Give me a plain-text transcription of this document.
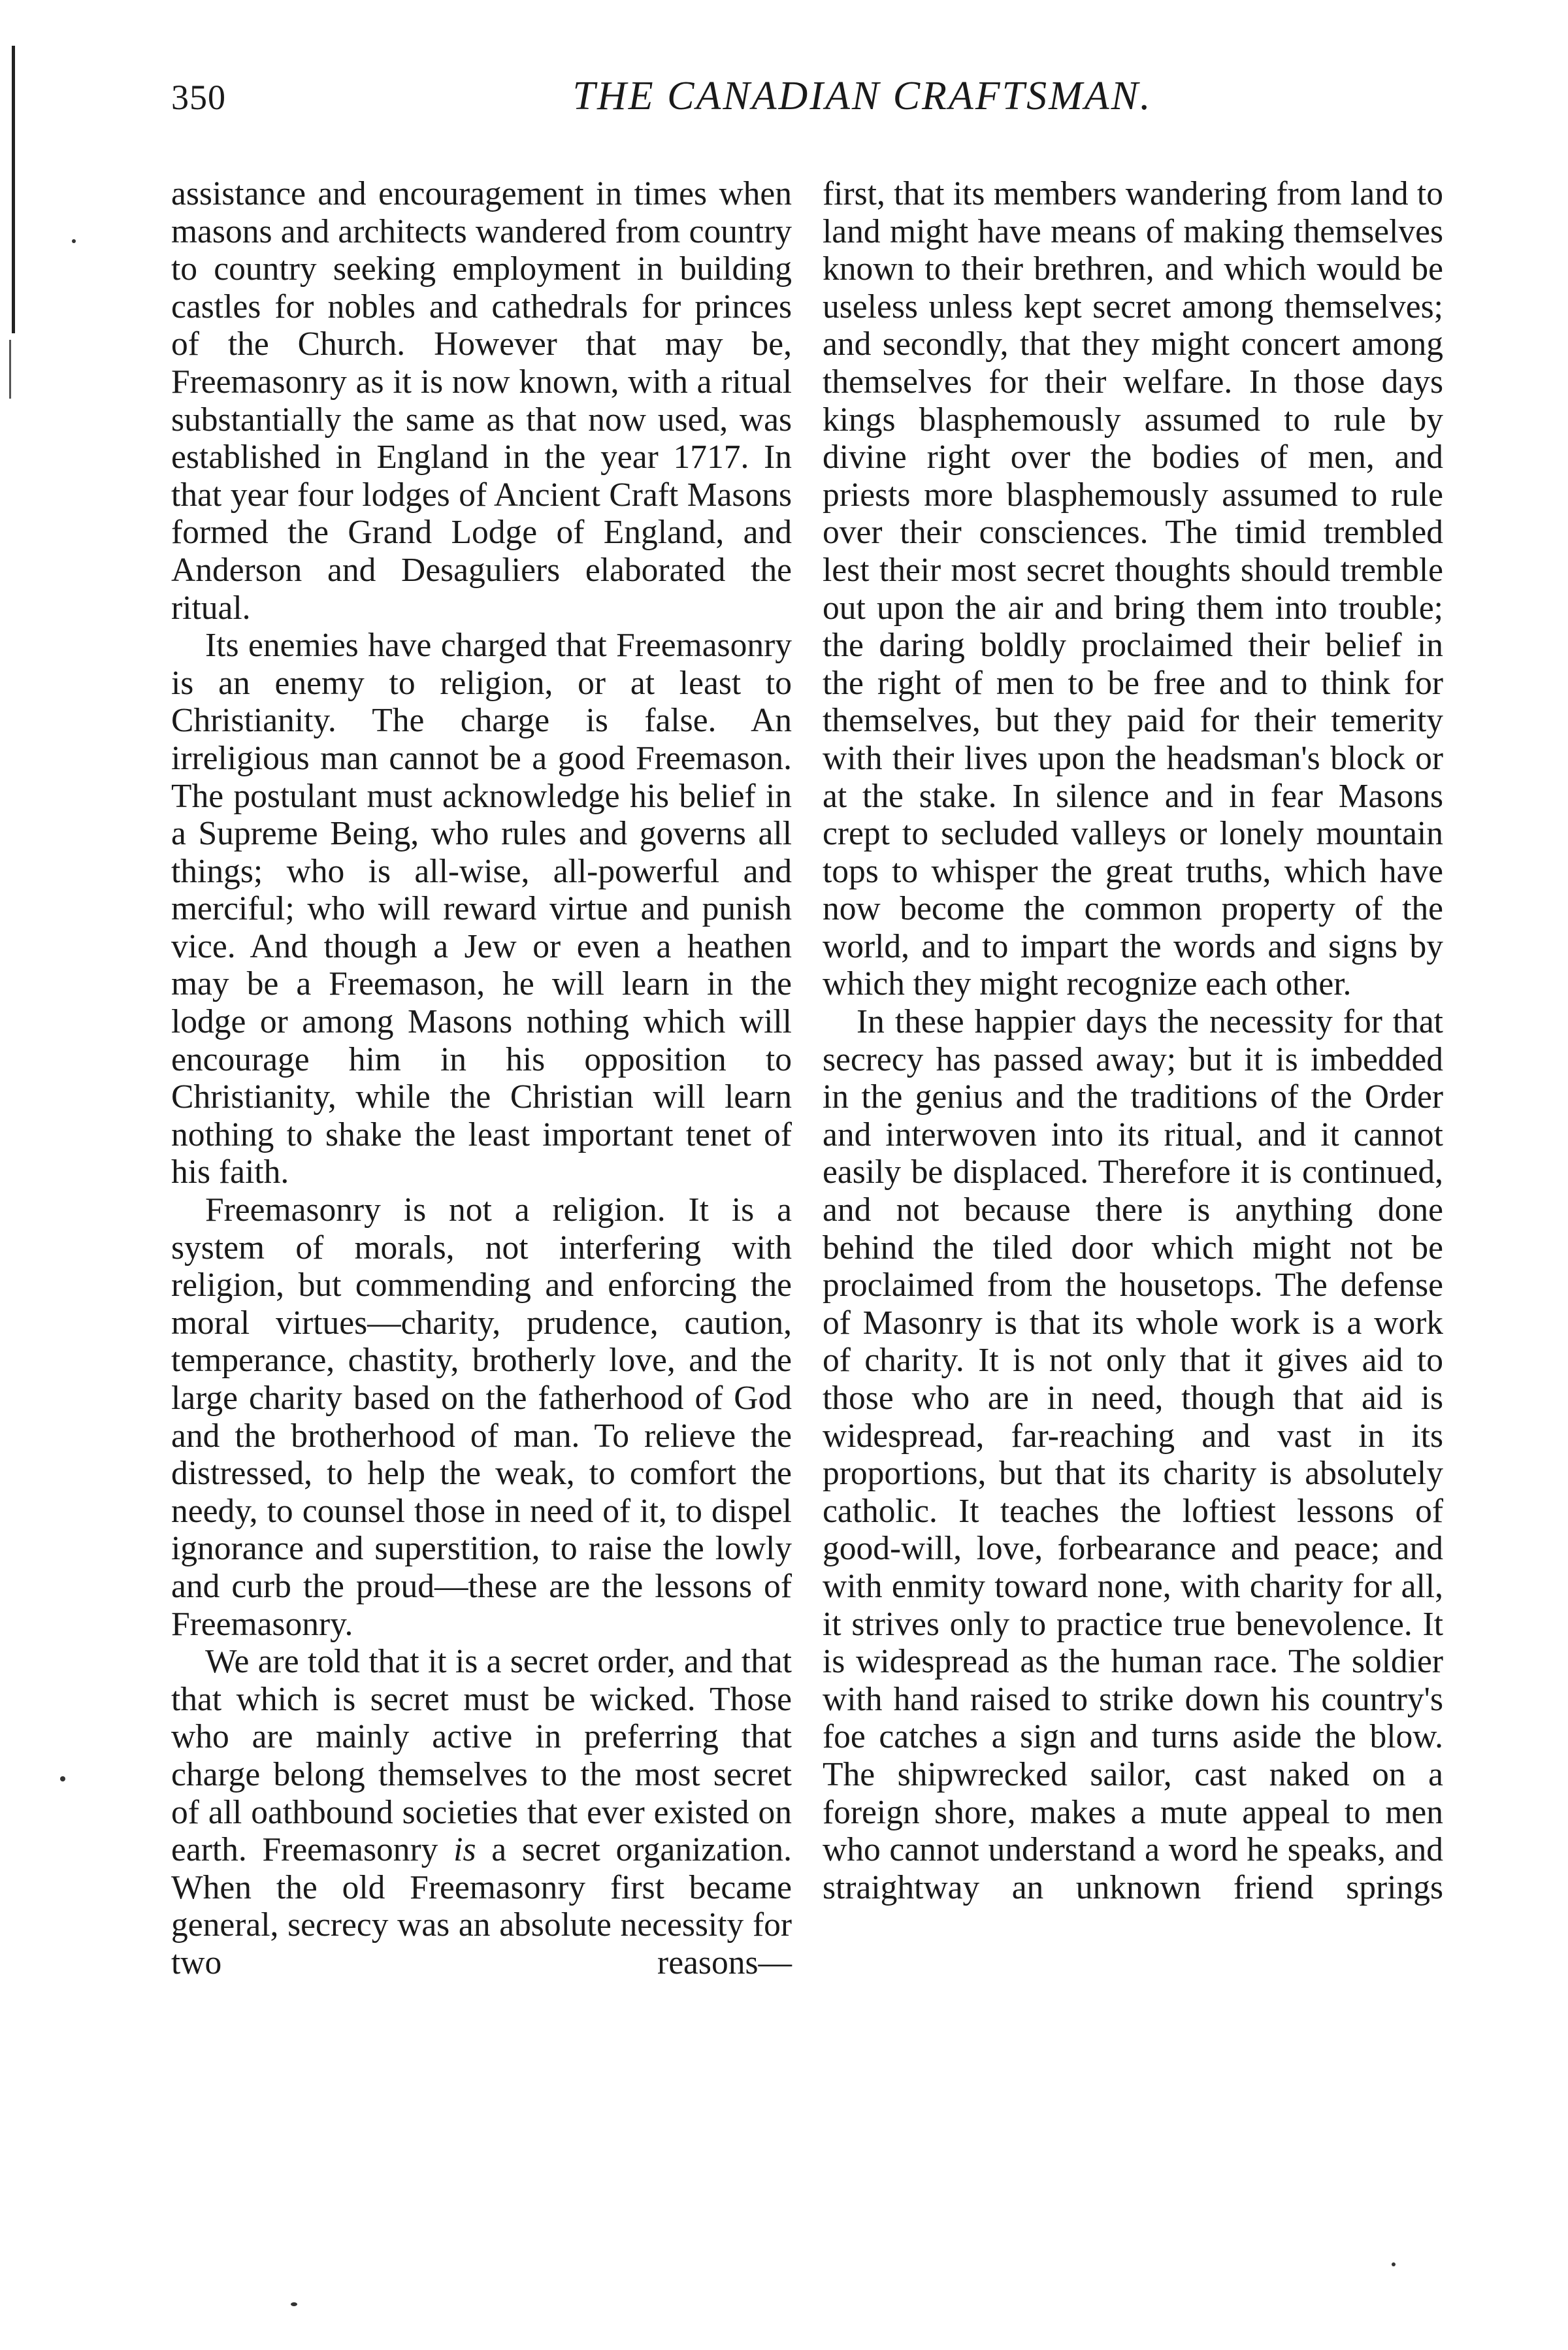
350	THE CANADIAN CRAFTSMAN.

assistance and encouragement in times when masons and architects wandered from country to country seeking employment in building castles for nobles and cathedrals for princes of the Church. However that may be, Freemasonry as it is now known, with a ritual substantially the same as that now used, was established in England in the year 1717. In that year four lodges of Ancient Craft Masons formed the Grand Lodge of England, and Anderson and Desaguliers elaborated the ritual.

Its enemies have charged that Freemasonry is an enemy to religion, or at least to Christianity. The charge is false. An irreligious man cannot be a good Freemason. The postulant must acknowledge his belief in a Supreme Being, who rules and governs all things; who is all-wise, all-powerful and merciful; who will reward virtue and punish vice. And though a Jew or even a heathen may be a Freemason, he will learn in the lodge or among Masons nothing which will encourage him in his opposition to Christianity, while the Christian will learn nothing to shake the least important tenet of his faith.

Freemasonry is not a religion. It is a system of morals, not interfering with religion, but commending and enforcing the moral virtues—charity, prudence, caution, temperance, chastity, brotherly love, and the large charity based on the fatherhood of God and the brotherhood of man. To relieve the distressed, to help the weak, to comfort the needy, to counsel those in need of it, to dispel ignorance and superstition, to raise the lowly and curb the proud—these are the lessons of Freemasonry.

We are told that it is a secret order, and that that which is secret must be wicked. Those who are mainly active in preferring that charge belong themselves to the most secret of all oathbound societies that ever existed on earth. Freemasonry is a secret organization. When the old Freemasonry first became general, secrecy was an absolute necessity for two reasons—

first, that its members wandering from land to land might have means of making themselves known to their brethren, and which would be useless unless kept secret among themselves; and secondly, that they might concert among themselves for their welfare. In those days kings blasphemously assumed to rule by divine right over the bodies of men, and priests more blasphemously assumed to rule over their consciences. The timid trembled lest their most secret thoughts should tremble out upon the air and bring them into trouble; the daring boldly proclaimed their belief in the right of men to be free and to think for themselves, but they paid for their temerity with their lives upon the headsman's block or at the stake. In silence and in fear Masons crept to secluded valleys or lonely mountain tops to whisper the great truths, which have now become the common property of the world, and to impart the words and signs by which they might recognize each other.

In these happier days the necessity for that secrecy has passed away; but it is imbedded in the genius and the traditions of the Order and interwoven into its ritual, and it cannot easily be displaced. Therefore it is continued, and not because there is anything done behind the tiled door which might not be proclaimed from the housetops. The defense of Masonry is that its whole work is a work of charity. It is not only that it gives aid to those who are in need, though that aid is widespread, far-reaching and vast in its proportions, but that its charity is absolutely catholic. It teaches the loftiest lessons of good-will, love, forbearance and peace; and with enmity toward none, with charity for all, it strives only to practice true benevolence. It is widespread as the human race. The soldier with hand raised to strike down his country's foe catches a sign and turns aside the blow. The shipwrecked sailor, cast naked on a foreign shore, makes a mute appeal to men who cannot understand a word he speaks, and straightway an unknown friend springs
